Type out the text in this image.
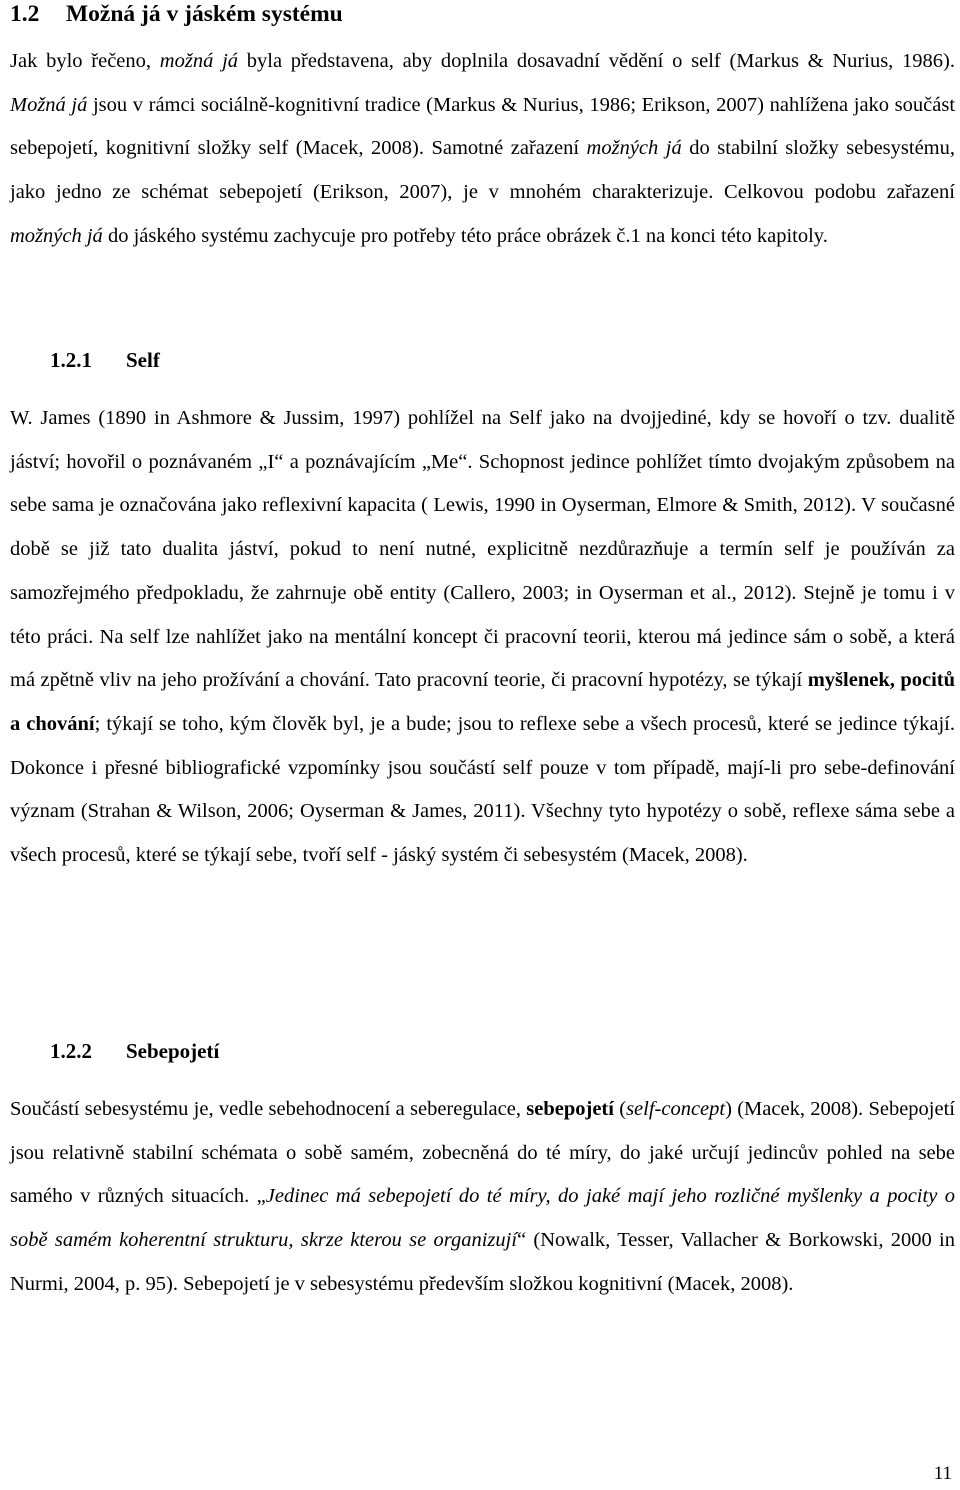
1.2 Možná já v jáském systému

Jak bylo řečeno, možná já byla představena, aby doplnila dosavadní vědění o self (Markus & Nurius, 1986). Možná já jsou v rámci sociálně-kognitivní tradice (Markus & Nurius, 1986; Erikson, 2007) nahlížena jako součást sebepojetí, kognitivní složky self (Macek, 2008). Samotné zařazení možných já do stabilní složky sebesystému, jako jedno ze schémat sebepojetí (Erikson, 2007), je v mnohém charakterizuje. Celkovou podobu zařazení možných já do jáského systému zachycuje pro potřeby této práce obrázek č.1 na konci této kapitoly.

1.2.1 Self

W. James (1890 in Ashmore & Jussim, 1997) pohlížel na Self jako na dvojjediné, kdy se hovoří o tzv. dualitě jáství; hovořil o poznávaném „I“ a poznávajícím „Me“. Schopnost jedince pohlížet tímto dvojakým způsobem na sebe sama je označována jako reflexivní kapacita ( Lewis, 1990 in Oyserman, Elmore & Smith, 2012). V současné době se již tato dualita jáství, pokud to není nutné, explicitně nezdůrazňuje a termín self je používán za samozřejmého předpokladu, že zahrnuje obě entity (Callero, 2003; in Oyserman et al., 2012). Stejně je tomu i v této práci. Na self lze nahlížet jako na mentální koncept či pracovní teorii, kterou má jedince sám o sobě, a která má zpětně vliv na jeho prožívání a chování. Tato pracovní teorie, či pracovní hypotézy, se týkají myšlenek, pocitů a chování; týkají se toho, kým člověk byl, je a bude; jsou to reflexe sebe a všech procesů, které se jedince týkají. Dokonce i přesné bibliografické vzpomínky jsou součástí self pouze v tom případě, mají-li pro sebe-definování význam (Strahan & Wilson, 2006; Oyserman & James, 2011). Všechny tyto hypotézy o sobě, reflexe sáma sebe a všech procesů, které se týkají sebe, tvoří self - jáský systém či sebesystém (Macek, 2008).

1.2.2 Sebepojetí

Součástí sebesystému je, vedle sebehodnocení a seberegulace, sebepojetí (self-concept) (Macek, 2008). Sebepojetí jsou relativně stabilní schémata o sobě samém, zobecněná do té míry, do jaké určují jedincův pohled na sebe samého v různých situacích. „Jedinec má sebepojetí do té míry, do jaké mají jeho rozličné myšlenky a pocity o sobě samém koherentní strukturu, skrze kterou se organizují“ (Nowalk, Tesser, Vallacher & Borkowski, 2000 in Nurmi, 2004, p. 95). Sebepojetí je v sebesystému především složkou kognitivní (Macek, 2008).

11
